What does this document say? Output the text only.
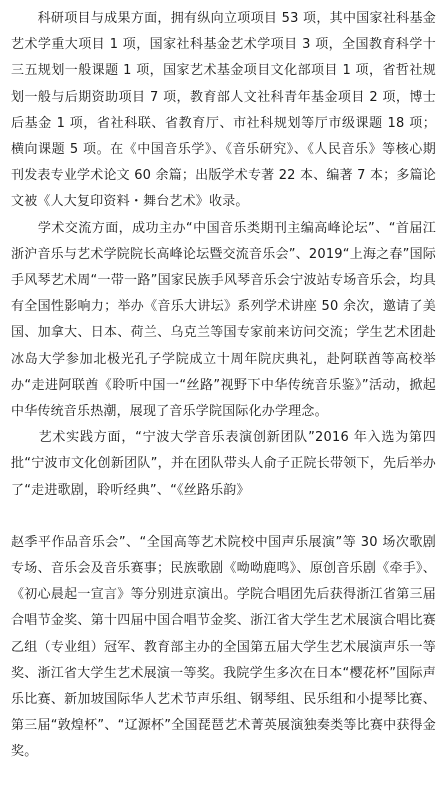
　　科研项目与成果方面，拥有纵向立项项目 53 项，其中国家社科基金艺术学重大项目 1 项，国家社科基金艺术学项目 3 项，全国教育科学十三五规划一般课题 1 项，国家艺术基金项目文化部项目 1 项，省哲社规划一般与后期资助项目 7 项，教育部人文社科青年基金项目 2 项，博士后基金 1 项，省社科联、省教育厅、市社科规划等厅市级课题 18 项；横向课题 5 项。在《中国音乐学》、《音乐研究》、《人民音乐》等核心期刊发表专业学术论文 60 余篇；出版学术专著 22 本、编著 7 本；多篇论文被《人大复印资料・舞台艺术》收录。

　　学术交流方面，成功主办“中国音乐类期刊主编高峰论坛”、“首届江浙沪音乐与艺术学院院长高峰论坛暨交流音乐会”、2019“上海之春”国际手风琴艺术周“一带一路”国家民族手风琴音乐会宁波站专场音乐会，均具有全国性影响力；举办《音乐大讲坛》系列学术讲座 50 余次，邀请了美国、加拿大、日本、荷兰、乌克兰等国专家前来访问交流；学生艺术团赴冰岛大学参加北极光孔子学院成立十周年院庆典礼，赴阿联酋等高校举办“走进阿联酋《聆听中国一“丝路”视野下中华传统音乐鉴》”活动，掀起中华传统音乐热潮，展现了音乐学院国际化办学理念。

　　艺术实践方面，“宁波大学音乐表演创新团队”2016 年入选为第四批“宁波市文化创新团队”，并在团队带头人俞子正院长带领下，先后举办了“走进歌剧，聆听经典”、“《丝路乐韵》

赵季平作品音乐会”、“全国高等艺术院校中国声乐展演”等 30 场次歌剧专场、音乐会及音乐赛事；民族歌剧《呦呦鹿鸣》、原创音乐剧《牵手》、《初心晨起一宣言》等分别进京演出。学院合唱团先后获得浙江省第三届合唱节金奖、第十四届中国合唱节金奖、浙江省大学生艺术展演合唱比赛乙组（专业组）冠军、教育部主办的全国第五届大学生艺术展演声乐一等奖、浙江省大学生艺术展演一等奖。我院学生多次在日本“樱花杯”国际声乐比赛、新加坡国际华人艺术节声乐组、钢琴组、民乐组和小提琴比赛、第三届“敦煌杯”、“辽源杯”全国琵琶艺术菁英展演独奏类等比赛中获得金奖。
